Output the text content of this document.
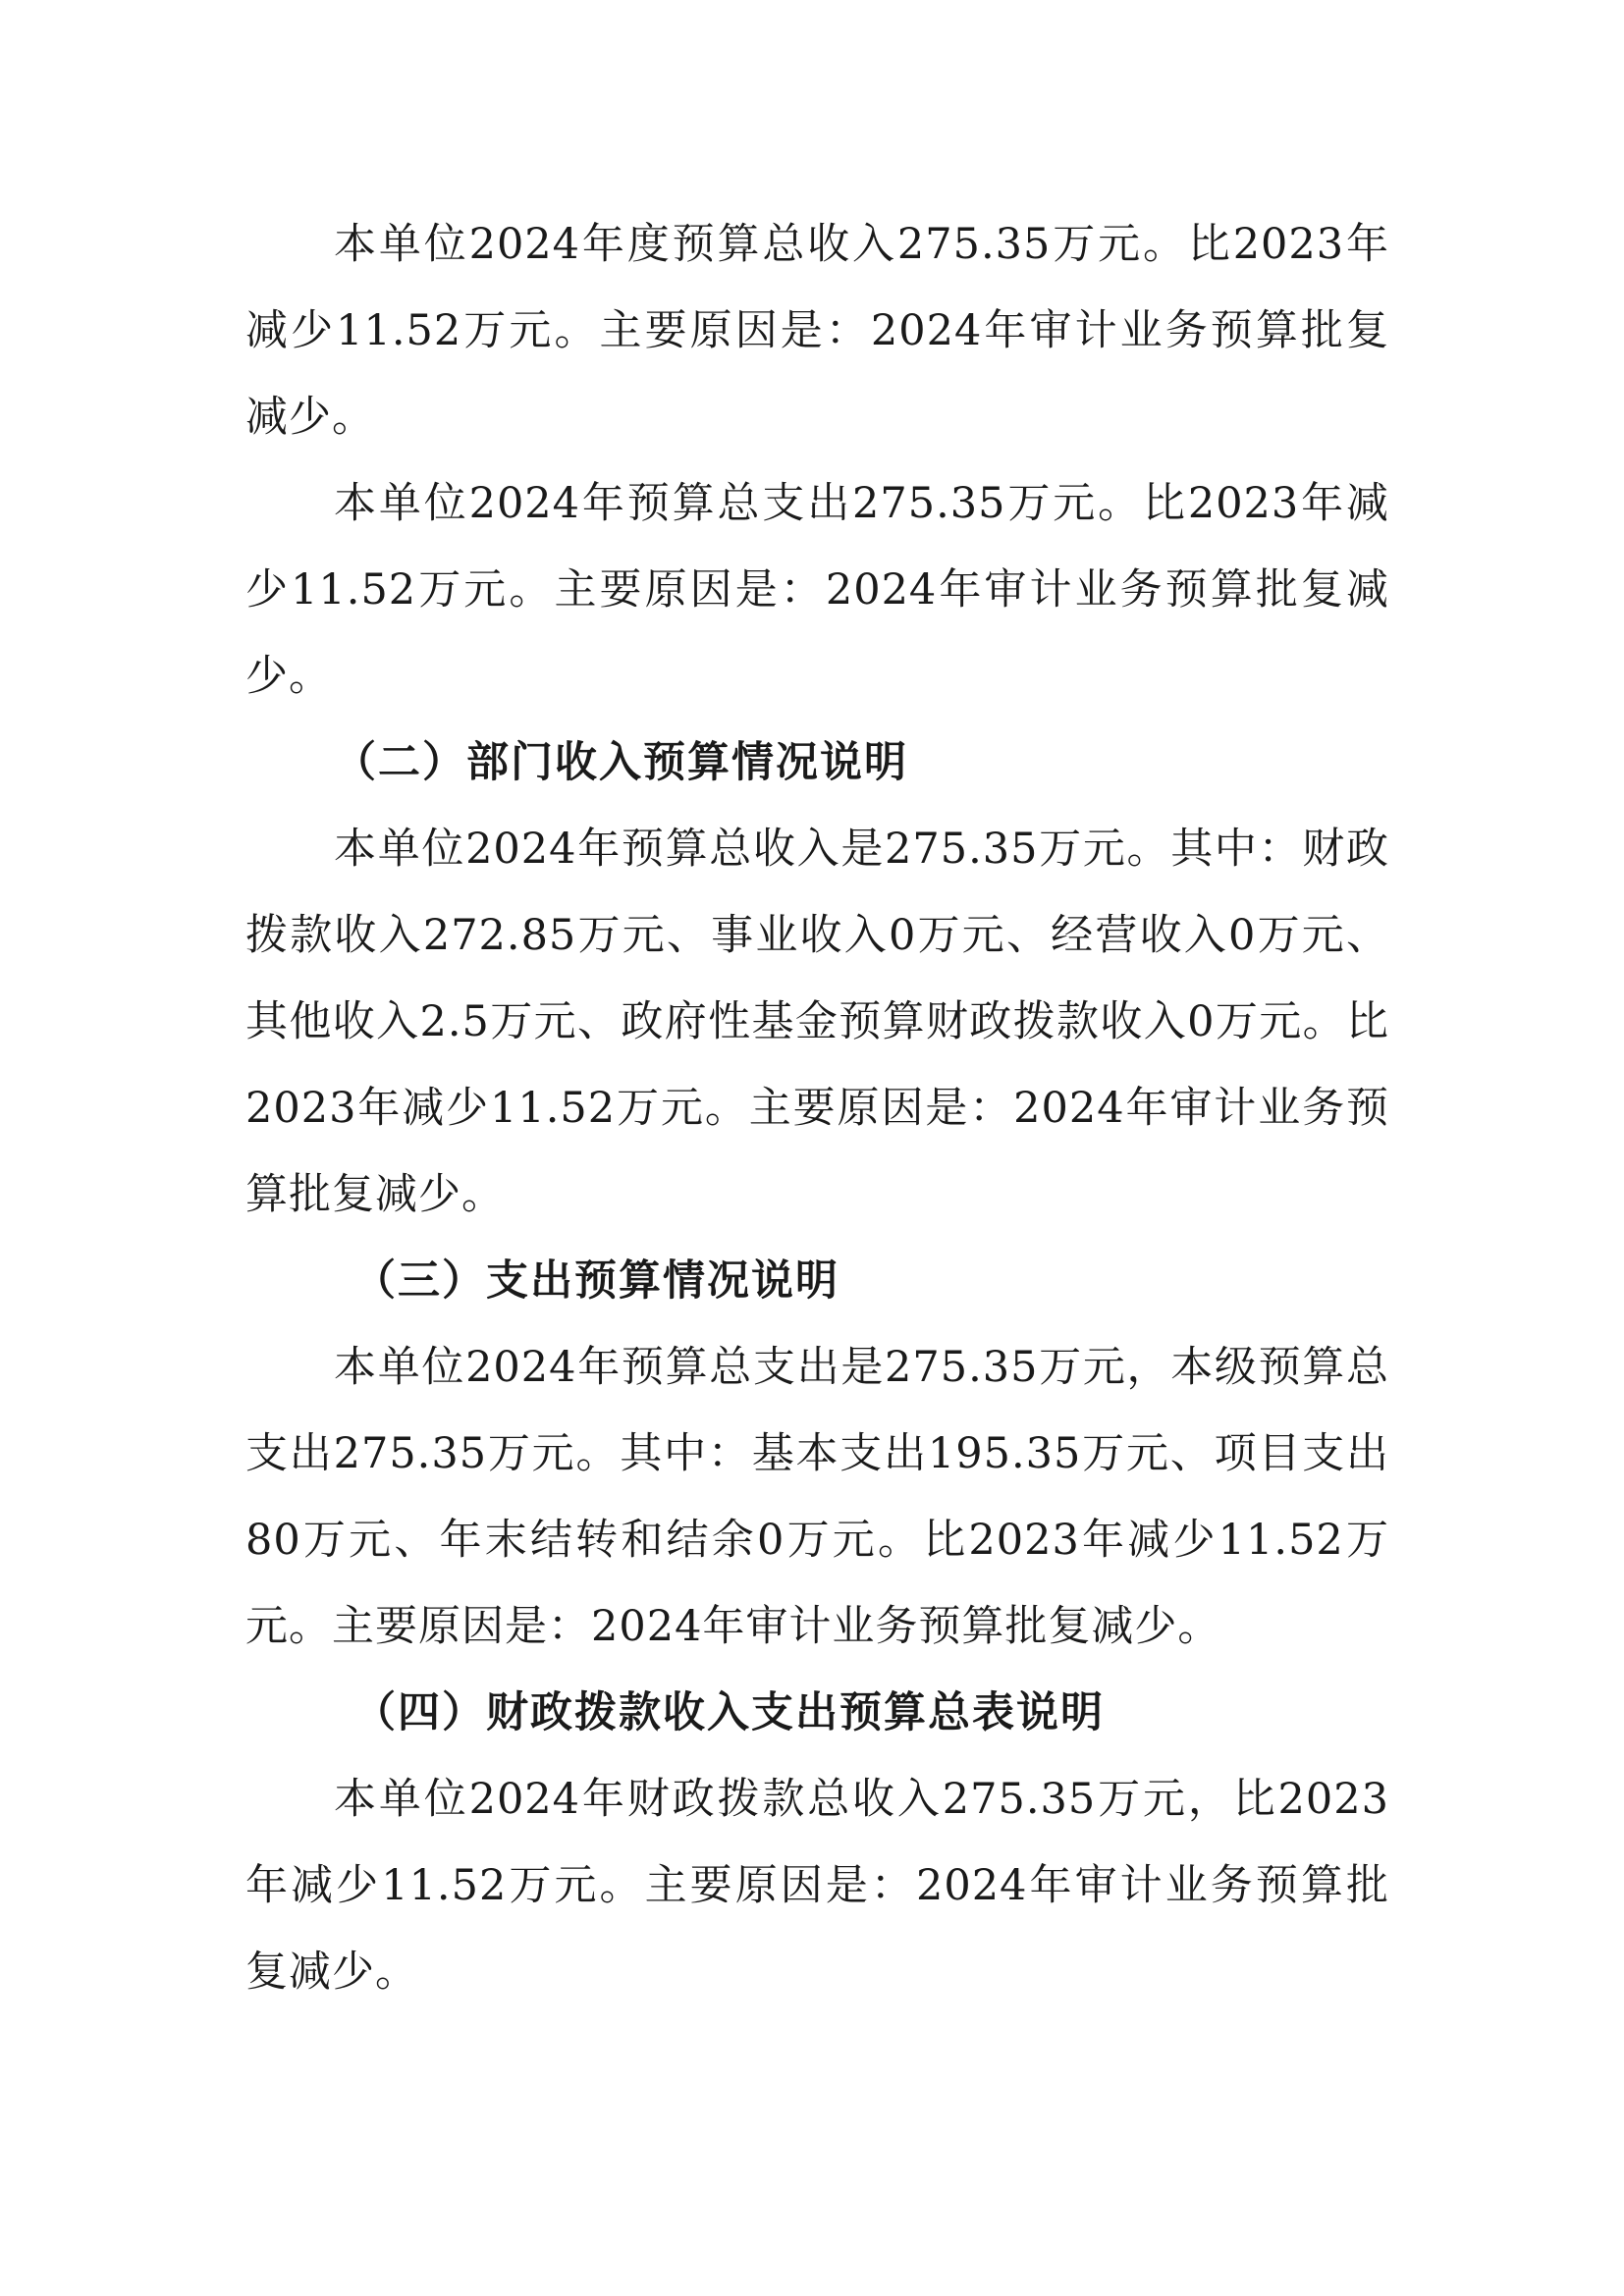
本单位2024年度预算总收入275.35万元。比2023年减少11.52万元。主要原因是：2024年审计业务预算批复减少。

本单位2024年预算总支出275.35万元。比2023年减少11.52万元。主要原因是：2024年审计业务预算批复减少。

（二）部门收入预算情况说明

本单位2024年预算总收入是275.35万元。其中：财政拨款收入272.85万元、事业收入0万元、经营收入0万元、其他收入2.5万元、政府性基金预算财政拨款收入0万元。比2023年减少11.52万元。主要原因是：2024年审计业务预算批复减少。

（三）支出预算情况说明

本单位2024年预算总支出是275.35万元，本级预算总支出275.35万元。其中：基本支出195.35万元、项目支出80万元、年末结转和结余0万元。比2023年减少11.52万元。主要原因是：2024年审计业务预算批复减少。

（四）财政拨款收入支出预算总表说明

本单位2024年财政拨款总收入275.35万元，比2023年减少11.52万元。主要原因是：2024年审计业务预算批复减少。
